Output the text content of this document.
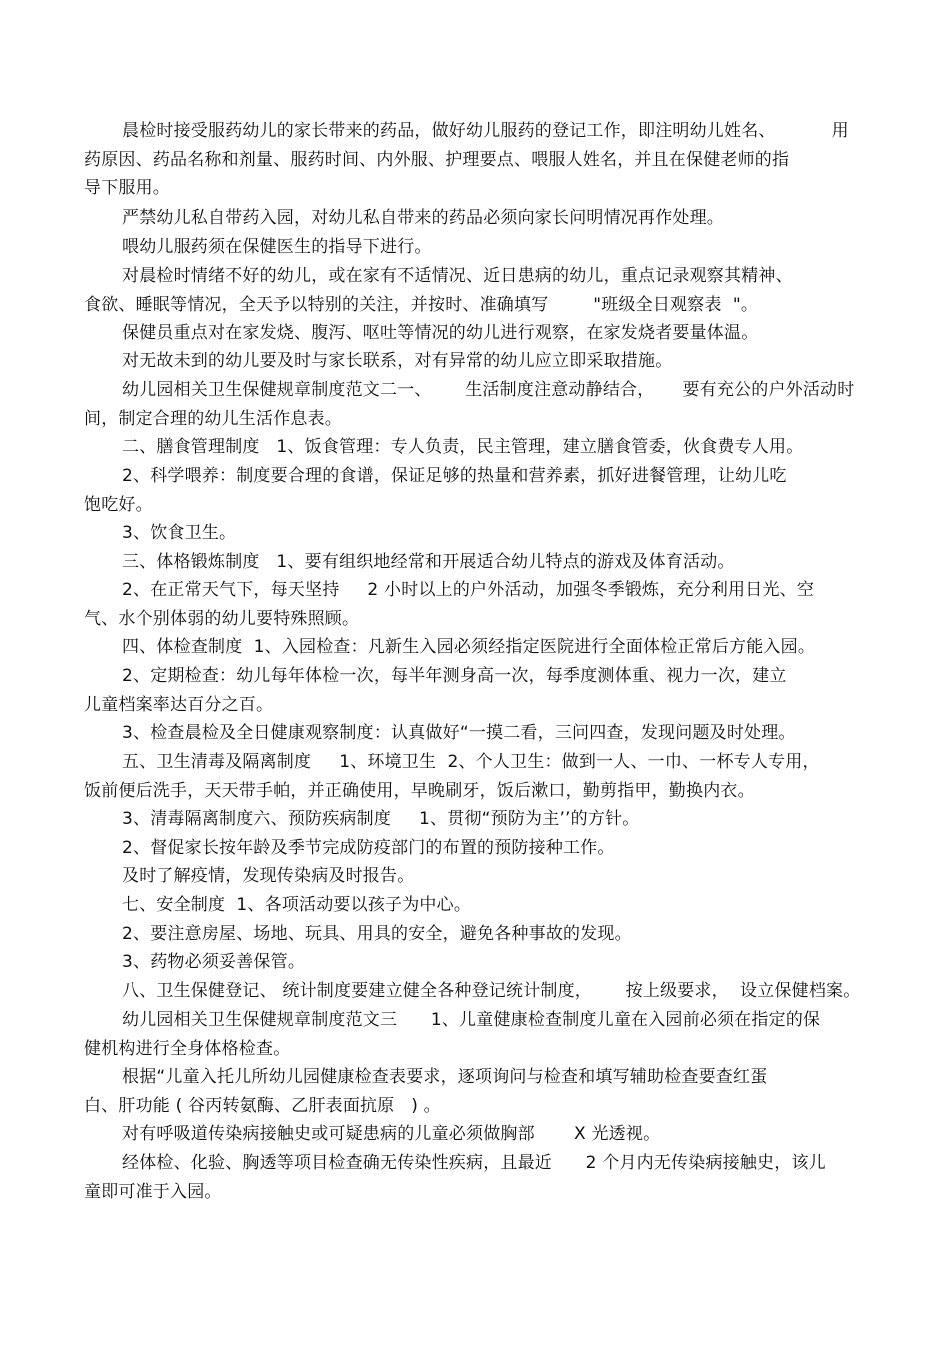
晨检时接受服药幼儿的家长带来的药品，做好幼儿服药的登记工作，即注明幼儿姓名、          用
药原因、药品名称和剂量、服药时间、内外服、护理要点、喂服人姓名，并且在保健老师的指
导下服用。

严禁幼儿私自带药入园，对幼儿私自带来的药品必须向家长问明情况再作处理。

喂幼儿服药须在保健医生的指导下进行。

对晨检时情绪不好的幼儿，或在家有不适情况、近日患病的幼儿，重点记录观察其精神、
食欲、睡眠等情况，全天予以特别的关注，并按时、准确填写        "班级全日观察表  "。

保健员重点对在家发烧、腹泻、呕吐等情况的幼儿进行观察，在家发烧者要量体温。

对无故未到的幼儿要及时与家长联系，对有异常的幼儿应立即采取措施。

幼儿园相关卫生保健规章制度范文二一、      生活制度注意动静结合，     要有充公的户外活动时
间，制定合理的幼儿生活作息表。

二、膳食管理制度   1、饭食管理：专人负责，民主管理，建立膳食管委，伙食费专人用。

2、科学喂养：制度要合理的食谱，保证足够的热量和营养素，抓好进餐管理，让幼儿吃
饱吃好。

3、饮食卫生。

三、体格锻炼制度   1、要有组织地经常和开展适合幼儿特点的游戏及体育活动。

2、在正常天气下，每天坚持     2 小时以上的户外活动，加强冬季锻炼，充分利用日光、空
气、水个别体弱的幼儿要特殊照顾。

四、体检查制度  1、入园检查：凡新生入园必须经指定医院进行全面体检正常后方能入园。

2、定期检查：幼儿每年体检一次，每半年测身高一次，每季度测体重、视力一次，建立
儿童档案率达百分之百。

3、检查晨检及全日健康观察制度：认真做好“一摸二看，三问四查，发现问题及时处理。

五、卫生清毒及隔离制度     1、环境卫生  2、个人卫生：做到一人、一巾、一杯专人专用，
饭前便后洗手，天天带手帕，并正确使用，早晚刷牙，饭后漱口，勤剪指甲，勤换内衣。

3、清毒隔离制度六、预防疾病制度     1、贯彻“预防为主’’的方针。

2、督促家长按年龄及季节完成防疫部门的布置的预防接种工作。

及时了解疫情，发现传染病及时报告。

七、安全制度  1、各项活动要以孩子为中心。

2、要注意房屋、场地、玩具、用具的安全，避免各种事故的发现。

3、药物必须妥善保管。

八、卫生保健登记、 统计制度要建立健全各种登记统计制度，      按上级要求，  设立保健档案。

幼儿园相关卫生保健规章制度范文三      1、儿童健康检查制度儿童在入园前必须在指定的保
健机构进行全身体格检查。

根据“儿童入托儿所幼儿园健康检查表要求，逐项询问与检查和填写辅助检查要查红蛋
白、肝功能 ( 谷丙转氨酶、乙肝表面抗原   ) 。

对有呼吸道传染病接触史或可疑患病的儿童必须做胸部       X 光透视。

经体检、化验、胸透等项目检查确无传染性疾病，且最近      2 个月内无传染病接触史，该儿
童即可准于入园。
